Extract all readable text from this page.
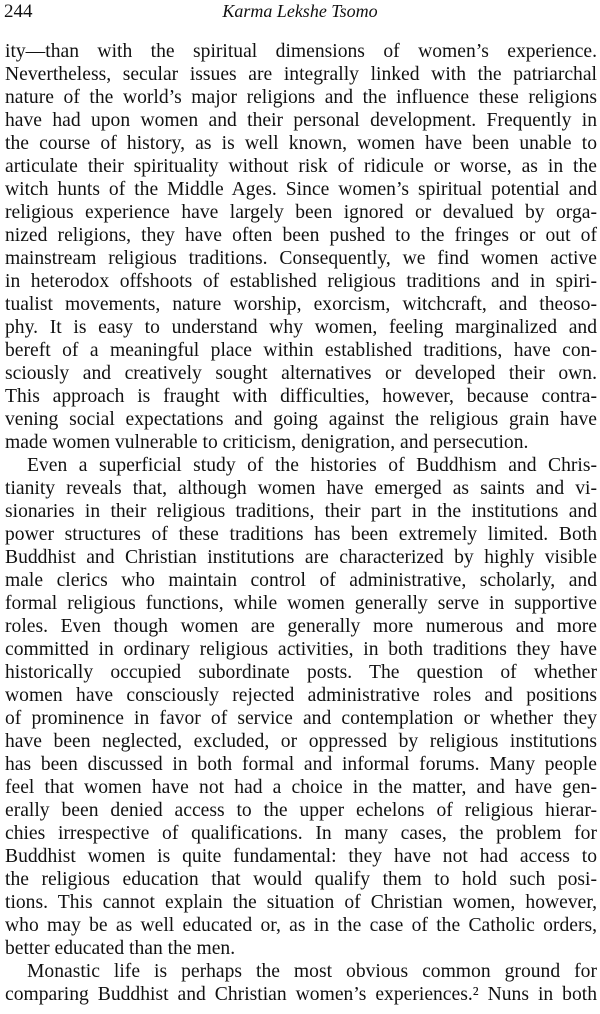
244	Karma Lekshe Tsomo
ity—than with the spiritual dimensions of women’s experience.
Nevertheless, secular issues are integrally linked with the patriarchal
nature of the world’s major religions and the influence these religions
have had upon women and their personal development. Frequently in
the course of history, as is well known, women have been unable to
articulate their spirituality without risk of ridicule or worse, as in the
witch hunts of the Middle Ages. Since women’s spiritual potential and
religious experience have largely been ignored or devalued by orga-
nized religions, they have often been pushed to the fringes or out of
mainstream religious traditions. Consequently, we find women active
in heterodox offshoots of established religious traditions and in spiri-
tualist movements, nature worship, exorcism, witchcraft, and theoso-
phy. It is easy to understand why women, feeling marginalized and
bereft of a meaningful place within established traditions, have con-
sciously and creatively sought alternatives or developed their own.
This approach is fraught with difficulties, however, because contra-
vening social expectations and going against the religious grain have
made women vulnerable to criticism, denigration, and persecution.
Even a superficial study of the histories of Buddhism and Chris-
tianity reveals that, although women have emerged as saints and vi-
sionaries in their religious traditions, their part in the institutions and
power structures of these traditions has been extremely limited. Both
Buddhist and Christian institutions are characterized by highly visible
male clerics who maintain control of administrative, scholarly, and
formal religious functions, while women generally serve in supportive
roles. Even though women are generally more numerous and more
committed in ordinary religious activities, in both traditions they have
historically occupied subordinate posts. The question of whether
women have consciously rejected administrative roles and positions
of prominence in favor of service and contemplation or whether they
have been neglected, excluded, or oppressed by religious institutions
has been discussed in both formal and informal forums. Many people
feel that women have not had a choice in the matter, and have gen-
erally been denied access to the upper echelons of religious hierar-
chies irrespective of qualifications. In many cases, the problem for
Buddhist women is quite fundamental: they have not had access to
the religious education that would qualify them to hold such posi-
tions. This cannot explain the situation of Christian women, however,
who may be as well educated or, as in the case of the Catholic orders,
better educated than the men.
Monastic life is perhaps the most obvious common ground for
comparing Buddhist and Christian women’s experiences.² Nuns in both
